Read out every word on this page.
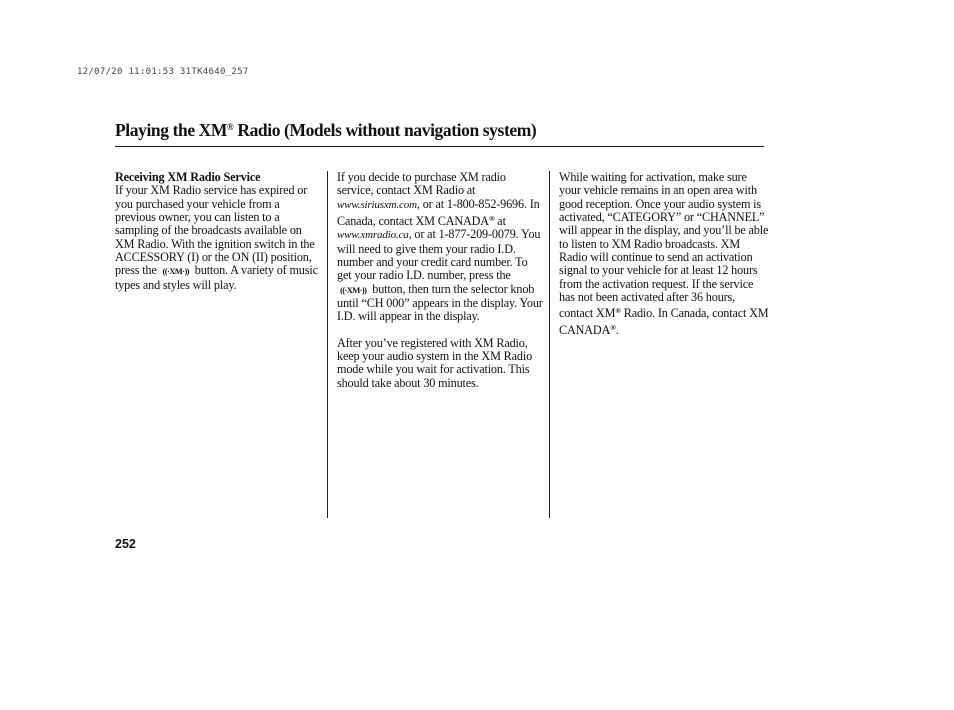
12/07/20 11:01:53 31TK4640_257
Playing the XM® Radio (Models without navigation system)

Receiving XM Radio Service

If your XM Radio service has expired or you purchased your vehicle from a previous owner, you can listen to a sampling of the broadcasts available on XM Radio. With the ignition switch in the ACCESSORY (I) or the ON (II) position, press the ((·XM·)) button. A variety of music types and styles will play.

If you decide to purchase XM radio service, contact XM Radio at www.siriusxm.com, or at 1-800-852-9696. In Canada, contact XM CANADA® at www.xmradio.ca, or at 1-877-209-0079. You will need to give them your radio I.D. number and your credit card number. To get your radio I.D. number, press the ((·XM·)) button, then turn the selector knob until “CH 000” appears in the display. Your I.D. will appear in the display.

After you’ve registered with XM Radio, keep your audio system in the XM Radio mode while you wait for activation. This should take about 30 minutes.

While waiting for activation, make sure your vehicle remains in an open area with good reception. Once your audio system is activated, “CATEGORY” or “CHANNEL” will appear in the display, and you’ll be able to listen to XM Radio broadcasts. XM Radio will continue to send an activation signal to your vehicle for at least 12 hours from the activation request. If the service has not been activated after 36 hours, contact XM® Radio. In Canada, contact XM CANADA®.

252
